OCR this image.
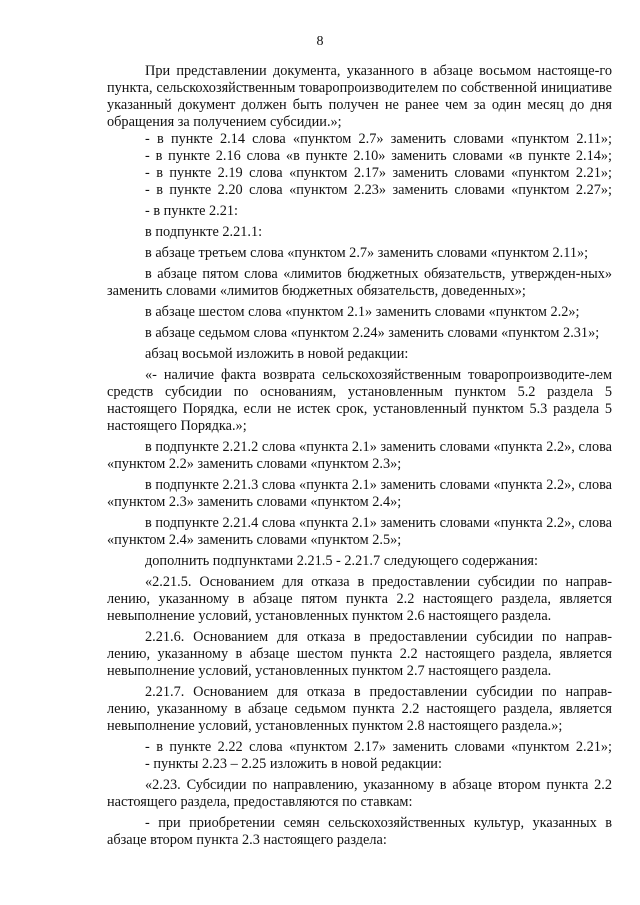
8

При представлении документа, указанного в абзаце восьмом настояще-го пункта, сельскохозяйственным товаропроизводителем по собственной инициативе указанный документ должен быть получен не ранее чем за один месяц до дня обращения за получением субсидии.»;

- в пункте 2.14 слова «пунктом 2.7» заменить словами «пунктом 2.11»;

- в пункте 2.16 слова «в пункте 2.10» заменить словами «в пункте 2.14»;

- в пункте 2.19 слова «пунктом 2.17» заменить словами «пунктом 2.21»;

- в пункте 2.20 слова «пунктом 2.23» заменить словами «пунктом 2.27»;

- в пункте 2.21:

в подпункте 2.21.1:

в абзаце третьем слова «пунктом 2.7» заменить словами «пунктом 2.11»;

в абзаце пятом слова «лимитов бюджетных обязательств, утвержден-ных» заменить словами «лимитов бюджетных обязательств, доведенных»;

в абзаце шестом слова «пунктом 2.1» заменить словами «пунктом 2.2»;

в абзаце седьмом слова «пунктом 2.24» заменить словами «пунктом 2.31»;

абзац восьмой изложить в новой редакции:

«- наличие факта возврата сельскохозяйственным товаропроизводите-лем средств субсидии по основаниям, установленным пунктом 5.2 раздела 5 настоящего Порядка, если не истек срок, установленный пунктом 5.3 раздела 5 настоящего Порядка.»;

в подпункте 2.21.2 слова «пункта 2.1» заменить словами «пункта 2.2», слова «пунктом 2.2» заменить словами «пунктом 2.3»;

в подпункте 2.21.3 слова «пункта 2.1» заменить словами «пункта 2.2», слова «пунктом 2.3» заменить словами «пунктом 2.4»;

в подпункте 2.21.4 слова «пункта 2.1» заменить словами «пункта 2.2», слова «пунктом 2.4» заменить словами «пунктом 2.5»;

дополнить подпунктами 2.21.5 - 2.21.7 следующего содержания:

«2.21.5. Основанием для отказа в предоставлении субсидии по направ-лению, указанному в абзаце пятом пункта 2.2 настоящего раздела, является невыполнение условий, установленных пунктом 2.6 настоящего раздела.

2.21.6. Основанием для отказа в предоставлении субсидии по направ-лению, указанному в абзаце шестом пункта 2.2 настоящего раздела, является невыполнение условий, установленных пунктом 2.7 настоящего раздела.

2.21.7. Основанием для отказа в предоставлении субсидии по направ-лению, указанному в абзаце седьмом пункта 2.2 настоящего раздела, является невыполнение условий, установленных пунктом 2.8 настоящего раздела.»;

- в пункте 2.22 слова «пунктом 2.17» заменить словами «пунктом 2.21»;

- пункты 2.23 – 2.25 изложить в новой редакции:

«2.23. Субсидии по направлению, указанному в абзаце втором пункта 2.2 настоящего раздела, предоставляются по ставкам:

- при приобретении семян сельскохозяйственных культур, указанных в абзаце втором пункта 2.3 настоящего раздела:
